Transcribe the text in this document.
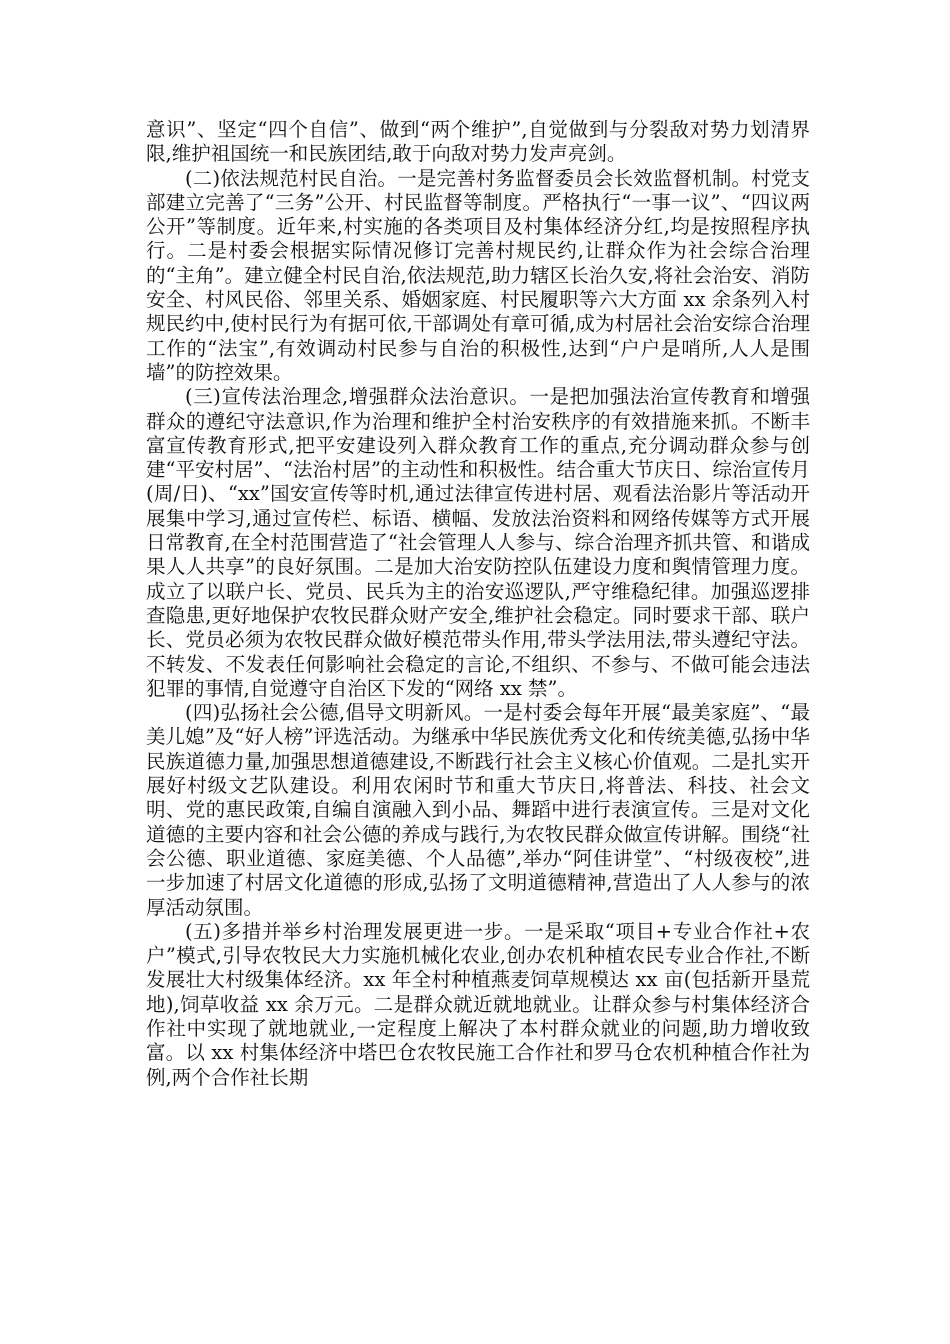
意识”、坚定“四个自信”、做到“两个维护”,自觉做到与分裂敌对势力划清界限,维护祖国统一和民族团结,敢于向敌对势力发声亮剑。

(二)依法规范村民自治。一是完善村务监督委员会长效监督机制。村党支部建立完善了“三务”公开、村民监督等制度。严格执行“一事一议”、“四议两公开”等制度。近年来,村实施的各类项目及村集体经济分红,均是按照程序执行。二是村委会根据实际情况修订完善村规民约,让群众作为社会综合治理的“主角”。建立健全村民自治,依法规范,助力辖区长治久安,将社会治安、消防安全、村风民俗、邻里关系、婚姻家庭、村民履职等六大方面 xx 余条列入村规民约中,使村民行为有据可依,干部调处有章可循,成为村居社会治安综合治理工作的“法宝”,有效调动村民参与自治的积极性,达到“户户是哨所,人人是围墙”的防控效果。

(三)宣传法治理念,增强群众法治意识。一是把加强法治宣传教育和增强群众的遵纪守法意识,作为治理和维护全村治安秩序的有效措施来抓。不断丰富宣传教育形式,把平安建设列入群众教育工作的重点,充分调动群众参与创建“平安村居”、“法治村居”的主动性和积极性。结合重大节庆日、综治宣传月(周/日)、“xx”国安宣传等时机,通过法律宣传进村居、观看法治影片等活动开展集中学习,通过宣传栏、标语、横幅、发放法治资料和网络传媒等方式开展日常教育,在全村范围营造了“社会管理人人参与、综合治理齐抓共管、和谐成果人人共享”的良好氛围。二是加大治安防控队伍建设力度和舆情管理力度。成立了以联户长、党员、民兵为主的治安巡逻队,严守维稳纪律。加强巡逻排查隐患,更好地保护农牧民群众财产安全,维护社会稳定。同时要求干部、联户长、党员必须为农牧民群众做好模范带头作用,带头学法用法,带头遵纪守法。不转发、不发表任何影响社会稳定的言论,不组织、不参与、不做可能会违法犯罪的事情,自觉遵守自治区下发的“网络 xx 禁”。

(四)弘扬社会公德,倡导文明新风。一是村委会每年开展“最美家庭”、“最美儿媳”及“好人榜”评选活动。为继承中华民族优秀文化和传统美德,弘扬中华民族道德力量,加强思想道德建设,不断践行社会主义核心价值观。二是扎实开展好村级文艺队建设。利用农闲时节和重大节庆日,将普法、科技、社会文明、党的惠民政策,自编自演融入到小品、舞蹈中进行表演宣传。三是对文化道德的主要内容和社会公德的养成与践行,为农牧民群众做宣传讲解。围绕“社会公德、职业道德、家庭美德、个人品德”,举办“阿佳讲堂”、“村级夜校”,进一步加速了村居文化道德的形成,弘扬了文明道德精神,营造出了人人参与的浓厚活动氛围。

(五)多措并举乡村治理发展更进一步。一是采取“项目+专业合作社+农户”模式,引导农牧民大力实施机械化农业,创办农机种植农民专业合作社,不断发展壮大村级集体经济。xx 年全村种植燕麦饲草规模达 xx 亩(包括新开垦荒地),饲草收益 xx 余万元。二是群众就近就地就业。让群众参与村集体经济合作社中实现了就地就业,一定程度上解决了本村群众就业的问题,助力增收致富。以 xx 村集体经济中塔巴仓农牧民施工合作社和罗马仓农机种植合作社为例,两个合作社长期
